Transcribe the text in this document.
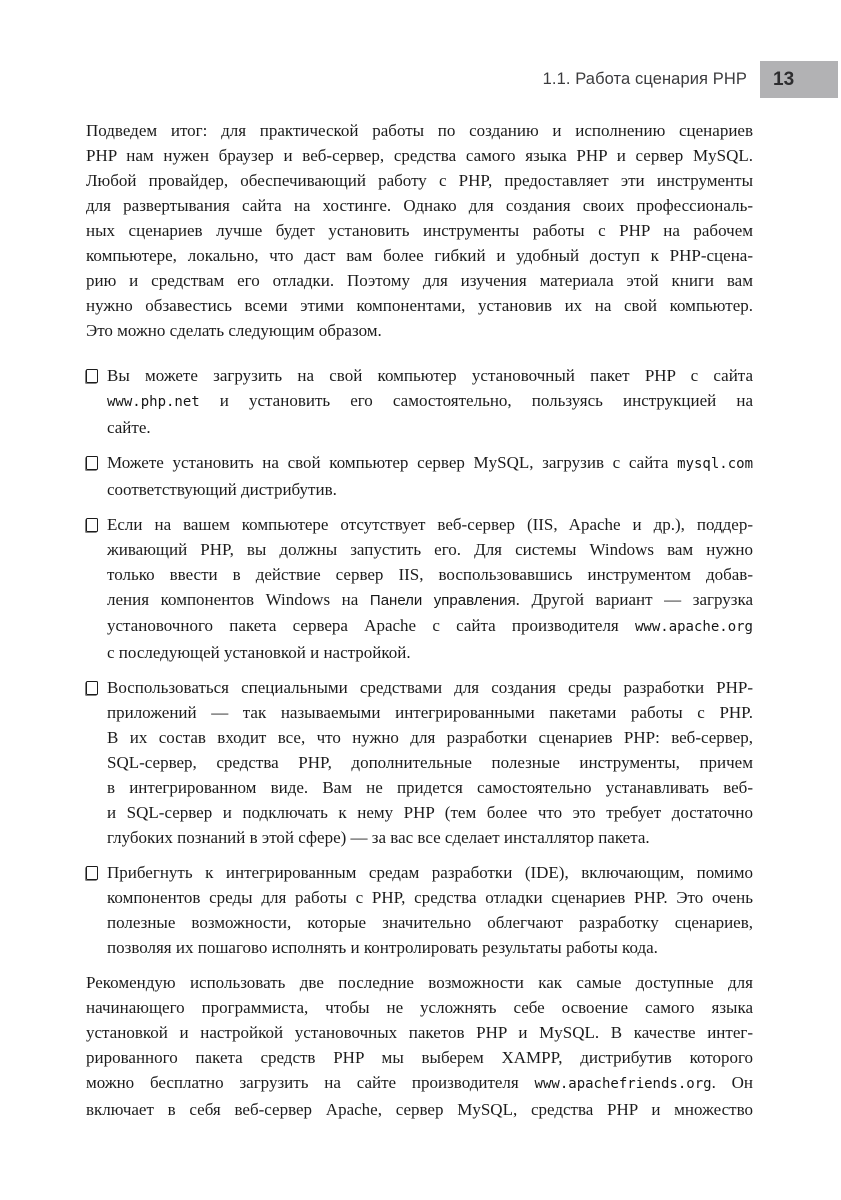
1.1. Работа сценария PHP 13
Подведем итог: для практической работы по созданию и исполнению сценариев
PHP нам нужен браузер и веб-сервер, средства самого языка PHP и сервер MySQL.
Любой провайдер, обеспечивающий работу с PHP, предоставляет эти инструменты
для развертывания сайта на хостинге. Однако для создания своих профессиональ-
ных сценариев лучше будет установить инструменты работы с PHP на рабочем
компьютере, локально, что даст вам более гибкий и удобный доступ к PHP-сцена-
рию и средствам его отладки. Поэтому для изучения материала этой книги вам
нужно обзавестись всеми этими компонентами, установив их на свой компьютер.
Это можно сделать следующим образом.
Вы можете загрузить на свой компьютер установочный пакет PHP с сайта
www.php.net и установить его самостоятельно, пользуясь инструкцией на
сайте.
Можете установить на свой компьютер сервер MySQL, загрузив с сайта mysql.com
соответствующий дистрибутив.
Если на вашем компьютере отсутствует веб-сервер (IIS, Apache и др.), поддер-
живающий PHP, вы должны запустить его. Для системы Windows вам нужно
только ввести в действие сервер IIS, воспользовавшись инструментом добав-
ления компонентов Windows на Панели управления. Другой вариант — загрузка
установочного пакета сервера Apache с сайта производителя www.apache.org
с последующей установкой и настройкой.
Воспользоваться специальными средствами для создания среды разработки PHP-
приложений — так называемыми интегрированными пакетами работы с PHP.
В их состав входит все, что нужно для разработки сценариев PHP: веб-сервер,
SQL-сервер, средства PHP, дополнительные полезные инструменты, причем
в интегрированном виде. Вам не придется самостоятельно устанавливать веб-
и SQL-сервер и подключать к нему PHP (тем более что это требует достаточно
глубоких познаний в этой сфере) — за вас все сделает инсталлятор пакета.
Прибегнуть к интегрированным средам разработки (IDE), включающим, помимо
компонентов среды для работы с PHP, средства отладки сценариев PHP. Это очень
полезные возможности, которые значительно облегчают разработку сценариев,
позволяя их пошагово исполнять и контролировать результаты работы кода.
Рекомендую использовать две последние возможности как самые доступные для
начинающего программиста, чтобы не усложнять себе освоение самого языка
установкой и настройкой установочных пакетов PHP и MySQL. В качестве интег-
рированного пакета средств PHP мы выберем XAMPP, дистрибутив которого
можно бесплатно загрузить на сайте производителя www.apachefriends.org. Он
включает в себя веб-сервер Apache, сервер MySQL, средства PHP и множество
